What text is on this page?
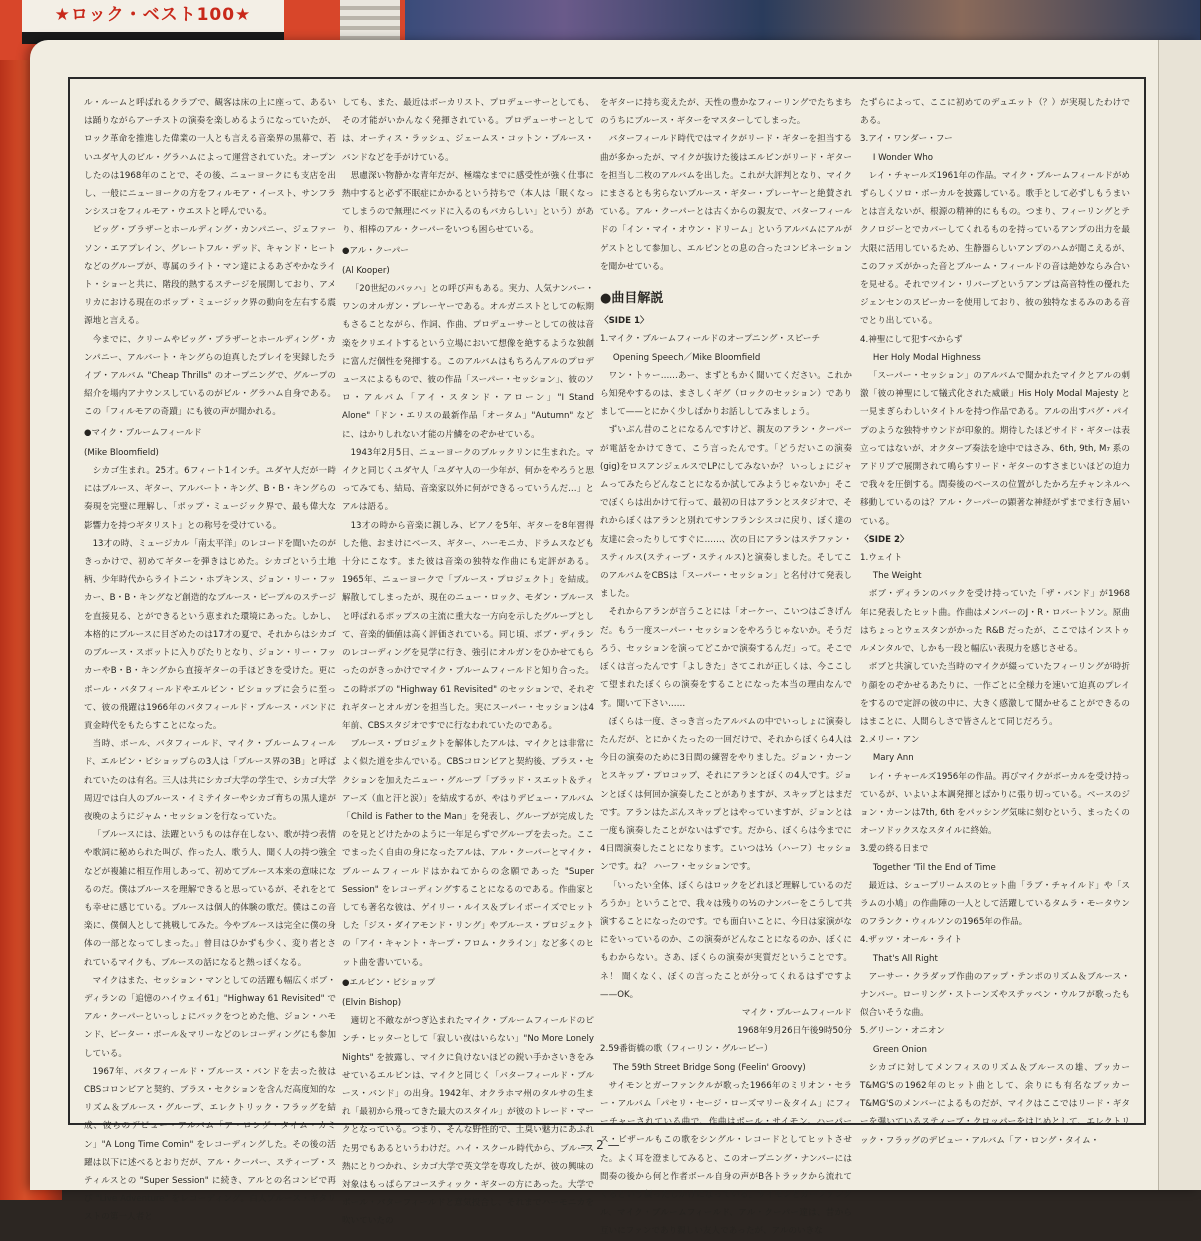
★ロック・ベスト100★

ル・ルームと呼ばれるクラブで、観客は床の上に座って、あるいは踊りながらアーチストの演奏を楽しめるようになっていたが、ロック革命を推進した偉業の一人とも言える音楽界の黒幕で、若いユダヤ人のビル・グラハムによって運営されていた。オープンしたのは1968年のことで、その後、ニューヨークにも支店を出し、一般にニューヨークの方をフィルモア・イースト、サンフランシスコをフィルモア・ウエストと呼んでいる。

ビッグ・ブラザーとホールディング・カンパニー、ジェファーソン・エアプレイン、グレートフル・デッド、キャンド・ヒートなどのグループが、専属のライト・マン達によるあざやかなライト・ショーと共に、階段的熱するステージを展開しており、アメリカにおける現在のポップ・ミュージック界の動向を左右する震源地と言える。

今までに、クリームやビッグ・ブラザーとホールディング・カンパニー、アルバート・キングらの迫真したプレイを実録したライブ・アルバム "Cheap Thrills" のオープニングで、グループの紹介を場内アナウンスしているのがビル・グラハム自身である。この「フィルモアの奇蹟」にも彼の声が聞かれる。

●マイク・ブルームフィールド

(Mike Bloomfield)

シカゴ生まれ。25才。6フィート1インチ。ユダヤ人だが一時にはブルース、ギター、アルバート・キング、B・B・キングらの奏現を完璧に理解し、「ポップ・ミュージック界で、最も偉大な影響力を持つギタリスト」との称号を受けている。

13才の時、ミュージカル「南太平洋」のレコードを聞いたのがきっかけで、初めてギターを弾きはじめた。シカゴという土地柄、少年時代からライトニン・ホプキンス、ジョン・リー・フッカー、B・B・キングなど創造的なブルース・ピープルのステージを直接見る、とができるという恵まれた環境にあった。しかし、本格的にブルースに目ざめたのは17才の夏で、それからはシカゴのブルース・スポットに入りびたりとなり、ジョン・リー・フッカーやB・B・キングから直接ギターの手ほどきを受けた。更にポール・バタフィールドやエルビン・ビショップに会うに至って、彼の飛躍は1966年のバタフィールド・ブルース・バンドに貢金時代をもたらすことになった。

当時、ポール、バタフィールド、マイク・ブルームフィールド、エルビン・ビショップらの3人は「ブルース界の3B」と呼ばれていたのは有名。三人は共にシカゴ大学の学生で、シカゴ大学周辺では白人のブルース・イミテイターやシカゴ育ちの黒人達が夜晩のようにジャム・セッションを行なっていた。

「ブルースには、法躍というものは存在しない、歌が持つ表情や歌詞に秘められた叫び、作った人、歌う人、聞く人の持つ強全などが複雑に相互作用しあって、初めてブルース本来の意味になるのだ。僕はブルースを理解できると思っているが、それをとても幸せに感じている。ブルースは個人的体験の歌だ。僕はこの音楽に、僕個人として挑戦してみた。今やブルースは完全に僕の身体の一部となってしまった。」曾目はひかずも少く、変り者とされているマイクも、ブルースの話になると熱っぽくなる。

マイクはまた、セッション・マンとしての活躍も幅広くボブ・ディランの「追憶のハイウェイ61」"Highway 61 Revisited" でアル・クーパーといっしょにバックをつとめた他、ジョン・ハモンド、ピーター・ポール＆マリーなどのレコーディングにも参加している。

1967年、バタフィールド・ブルース・バンドを去った彼はCBSコロンビアと契約、ブラス・セクションを含んだ高度知的なリズム＆ブルース・グループ、エレクトリック・フラッグを結成、彼らのデビュー・アルバム「ア・ロング・タイム・カミン」"A Long Time Comin" をレコーディングした。その後の活躍は以下に述べるとおりだが、アル・クーパー、スティーブ・スティルスとの "Super Session" に続き、アルとの名コンビで再び "Live Adventure" をレコーディング。白人ブルース・ギタリストの第一人者と

しても、また、最近はボーカリスト、プロデューサーとしても、その才能がいかんなく発揮されている。プロデューサーとしては、オーティス・ラッシュ、ジェームス・コットン・ブルース・バンドなどを手がけている。

思慮深い物静かな青年だが、極端なまでに感受性が強く仕事に熱中すると必ず不眠症にかかるという持ちで（本人は「眠くなってしまうので無理にベッドに入るのもバカらしい」という）があり、相棒のアル・クーパーをいつも困らせている。

●アル・クーパー

(Al Kooper)

「20世紀のバッハ」との呼び声もある。実力、人気ナンバー・ワンのオルガン・プレーヤーである。オルガニストとしての転期もさることながら、作詞、作曲、プロデューサーとしての彼は音楽をクリエイトするという立場において想像を絶するような独創に富んだ個性を発揮する。このアルバムはもちろんアルのプロデュースによるもので、彼の作品「スーパー・セッション」、彼のソロ・アルバム「アイ・スタンド・アローン」"I Stand Alone"「ドン・エリスの最新作品「オータム」"Autumn" などに、はかりしれない才能の片鱗をのぞかせている。

1943年2月5日、ニューヨークのブルックリンに生まれた。マイクと同じくユダヤ人「ユダヤ人の一少年が、何かをやろうと思ってみても、結局、音楽家以外に何ができるっていうんだ…」とアルは語る。

13才の時から音楽に親しみ、ピアノを5年、ギターを8年習得した他、おまけにベース、ギター、ハーモニカ、ドラムスなども十分にこなす。また彼は音楽の独特な作曲にも定評がある。1965年、ニューヨークで「ブルース・プロジェクト」を結成。解散してしまったが、現在のニュー・ロック、モダン・ブルースと呼ばれるポップスの主流に重大な一方向を示したグループとして、音楽的価値は高く評価されている。同じ頃、ボブ・ディランのレコーディングを見学に行き、強引にオルガンをひかせてもらったのがきっかけでマイク・ブルームフィールドと知り合った。この時ボブの "Highway 61 Revisited" のセッションで、それぞれギターとオルガンを担当した。実にスーパー・セッションは4年前、CBSスタジオですでに行なわれていたのである。

ブルース・プロジェクトを解体したアルは、マイクとは非常によく似た道を歩んでいる。CBSコロンビアと契約後、ブラス・セクションを加えたニュー・グループ「ブラッド・スエット＆ティアーズ（血と汗と涙）」を結成するが、やはりデビュー・アルバム「Child is Father to the Man」を発表し、グループが完成したのを見とどけたかのように一年足らずでグループを去った。ここでまったく自由の身になったアルは、アル・クーパーとマイク・ブルームフィールドはかねてからの念願であった "Super Session" をレコーディングすることになるのである。作曲家としても著名な彼は、ゲイリー・ルイス＆プレイボーイズでヒットした「ジス・ダイアモンド・リング」やブルース・プロジェクトの「アイ・キャント・キープ・フロム・クライン」など多くのヒット曲を書いている。

●エルビン・ビショップ

(Elvin Bishop)

適切と不敵ながつぎ込まれたマイク・ブルームフィールドのピンチ・ヒッターとして「寂しい夜はいらない」"No More Lonely Nights" を披露し、マイクに負けないほどの鋭い手かさいきをみせているエルビンは、マイクと同じく「バターフィールド・ブルース・バンド」の出身。1942年、オクラホマ州のタルサの生まれ「最初から飛ってきた最大のスタイル」が彼のトレード・マークとなっている。つまり、そんな野性的で、土臭い魅力にあふれた男でもあるというわけだ。ハイ・スクール時代から、ブルース熱にとりつかれ、シカゴ大学で英文学を専攻したが、彼の興味の対象はもっぱらアコースティック・ギターの方にあった。大学でポール・バターフィールドと意気投合し、それまでハーモニカを吹いていたの

をギターに持ち変えたが、天性の豊かなフィーリングでたちまちのうちにブルース・ギターをマスターしてしまった。

バターフィールド時代ではマイクがリード・ギターを担当する曲が多かったが、マイクが抜けた後はエルビンがリード・ギターを担当し二枚のアルバムを出した。これが大評判となり、マイクにまさるとも劣らないブルース・ギター・プレーヤーと絶賛されている。アル・クーパーとは古くからの親友で、バターフィールドの「イン・マイ・オウン・ドリーム」というアルバムにアルがゲストとして参加し、エルビンとの息の合ったコンビネーションを聞かせている。

●曲目解説

〈SIDE 1〉

1.マイク・ブルームフィールドのオープニング・スピーチ

Opening Speech／Mike Bloomfield

ワン・トゥー……あー、まずともかく聞いてください。これから知発やするのは、まさしくギグ（ロックのセッション）でありまして——とにかく少しばかりお話ししてみましょう。

ずいぶん昔のことになるんですけど、親友のアラン・クーパーが電話をかけてきて、こう言ったんです。「どうだいこの演奏(gig)をロスアンジェルスでLPにしてみないか？ いっしょにジャムってみたらどんなことになるか試してみようじゃないか」そこでぼくらは出かけて行って、最初の日はアランとスタジオで、それからぼくはアランと別れてサンフランシスコに戻り、ぼく達の友達に会ったりしてすぐに……、次の日にアランはステファン・スティルス(スティーブ・スティルス)と演奏しました。そしてこのアルバムをCBSは「スーパー・セッション」と名付けて発表しました。

それからアランが言うことには「オーケー、こいつはごきげんだ。もう一度スーパー・セッションをやろうじゃないか。そうだろう、セッションを演ってどこかで演奏するんだ」って。そこでぼくは言ったんです「よしきた」さてこれが正しくは、今ここして望まれたぼくらの演奏をすることになった本当の理由なんです。聞いて下さい……

ぼくらは一度、さっき言ったアルバムの中でいっしょに演奏したんだが、とにかくたったの一回だけで、それからぼくら4人は今日の演奏のために3日間の練習をやりました。ジョン・カーンとスキップ・プロコップ、それにアランとぼくの4人です。ジョンとぼくは何回か演奏したことがありますが、スキップとはまだです。アランはたぶんスキップとはやっていますが、ジョンとは一度も演奏したことがないはずです。だから、ぼくらは今までに4日間演奏したことになります。こいつは½（ハーフ）セッションです。ね？ ハーフ・セッションです。

「いったい全体、ぼくらはロックをどれほど理解しているのだろうか」ということで、我々は残りの½のナンバーをこうして共演することになったのです。でも面白いことに、今日は家演がなにをいっているのか、この演奏がどんなことになるのか、ぼくにもわからない。さあ、ぼくらの演奏が実質だということです。ネ！ 聞くなく、ぼくの言ったことが分ってくれるはずですよ——OK。

マイク・ブルームフィールド

1968年9月26日午後9時50分

2.59番街橋の歌（フィーリン・グルービー）

The 59th Street Bridge Song (Feelin' Groovy)

サイモンとガーファンクルが歌った1966年のミリオン・セラー・アルバム「パセリ・セージ・ローズマリー＆タイム」にフィーチャーされている曲で、作曲はボール・サイモン。ハーパース・ビザールもこの歌をシングル・レコードとしてヒットさせた。よく耳を澄ましてみると、このオープニング・ナンバーには間奏の後から何と作者ボール自身の声がB各トラックから流れてくるという凝ったしかけになっている。サイモンとガーファンクル、マイク・ブルームフィールド、アル・クーパー達は、昔から互いにファンであり親しい友人であったが、アルのいきな

たずらによって、ここに初めてのデュエット（？）が実現したわけである。

3.アイ・ワンダー・フー

I Wonder Who

レイ・チャールズ1961年の作品。マイク・ブルームフィールドがめずらしくソロ・ボーカルを披露している。歌手として必ずしもうまいとは言えないが、根源の精神的にももの。つまり、フィーリングとテクノロジーとでカバーしてくれるものを持っているアンプの出力を最大限に活用しているため、生静器らしいアンプのハムが聞こえるが、このファズがかった音とブルーム・フィールドの音は絶妙ならみ合いを見せる。それでツイン・リバーブというアンプは高音特性の優れたジェンセンのスピーカーを使用しており、彼の独特なまるみのある音でとり出している。

4.神聖にして犯すべからず

Her Holy Modal Highness

「スーパー・セッション」のアルバムで聞かれたマイクとアルの刺激「彼の神聖にして犠式化された威厳」His Holy Modal Majesty と一見まぎらわしいタイトルを持つ作品である。アルの出すバグ・パイプのような独特サウンドが印象的。期待したほどサイド・ギターは表立ってはないが、オクターブ奏法を途中ではさみ、6th, 9th, M₇ 系のアドリブで展開されて鳴らすリード・ギターのすさまじいほどの迫力で我々を圧倒する。間奏後のベースの位置がしたかろ左チャンネルへ移動しているのは？アル・クーパーの顕著な神経がずまでま行き届いている。

〈SIDE 2〉

1.ウェイト

The Weight

ボブ・ディランのバックを受け持っていた「ザ・バンド」が1968年に発表したヒット曲。作曲はメンバーのJ・R・ロバートソン。原曲はちょっとウェスタンがかった R&B だったが、ここではインストゥルメンタルで、しかも一段と幅広い表現力を感じさせる。

ボブと共演していた当時のマイクが綴っていたフィーリングが時折り顔をのぞかせるあたりに、一作ごとに全様力を速いて迫真のプレイをするので定評の彼の中に、大きく感激して聞かせることができるのはまことに、人間らしさで皆さんとて同じだろう。

2.メリー・アン

Mary Ann

レイ・チャールズ1956年の作品。再びマイクがボーカルを受け持っているが、いよいよ本調発揮とばかりに張り切っている。ベースのジョン・カーンは7th, 6th をパッシング気味に刻むという、まったくのオーソドックスなスタイルに終始。

3.愛の終る日まで

Together 'Til the End of Time

最近は、シュープリームスのヒット曲「ラブ・チャイルド」や「スラムの小鳩」の作曲陣の一人として活躍しているタムラ・モータウンのフランク・ウィルソンの1965年の作品。

4.ザッツ・オール・ライト

That's All Right

アーサー・クラダップ作曲のアップ・テンポのリズム＆ブルース・ナンバー。ローリング・ストーンズやステッペン・ウルフが歌ったも似合いそうな曲。

5.グリーン・オニオン

Green Onion

シカゴに対してメンフィスのリズム＆ブルースの雄、ブッカーT&MG'Sの1962年のヒット曲として、余りにも有名なブッカーT&MG'Sのメンバーによるものだが、マイクはここではリード・ギターを弾いているスティーブ・クロッパーをはじめとして、エレクトリック・フラッグのデビュー・アルバム「ア・ロング・タイム・

— 2 —
